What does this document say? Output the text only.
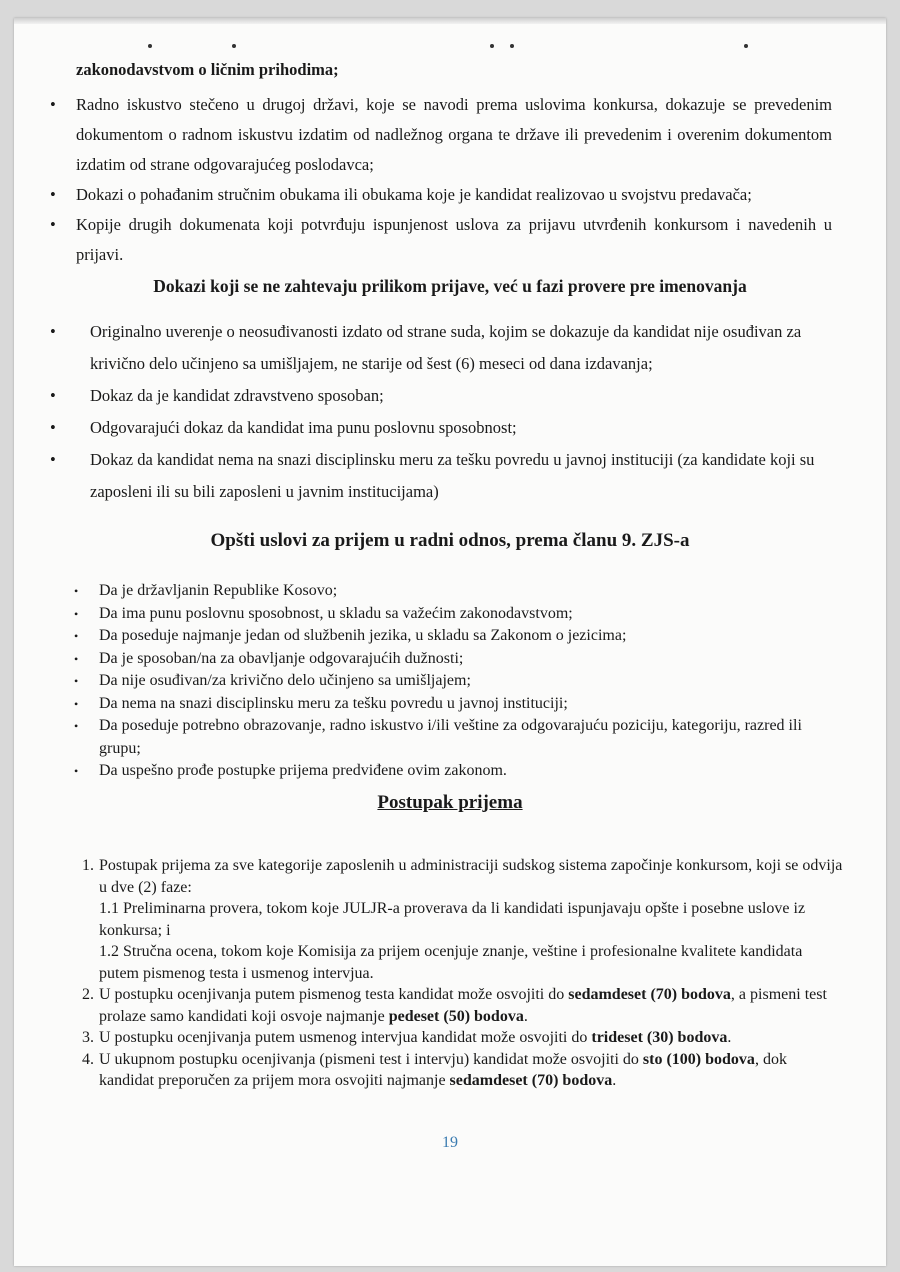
zakonodavstvom o ličnim prihodima;

• Radno iskustvo stečeno u drugoj državi, koje se navodi prema uslovima konkursa, dokazuje se prevedenim dokumentom o radnom iskustvu izdatim od nadležnog organa te države ili prevedenim i overenim dokumentom izdatim od strane odgovarajućeg poslodavca;
• Dokazi o pohađanim stručnim obukama ili obukama koje je kandidat realizovao u svojstvu predavača;
• Kopije drugih dokumenata koji potvrđuju ispunjenost uslova za prijavu utvrđenih konkursom i navedenih u prijavi.

Dokazi koji se ne zahtevaju prilikom prijave, već u fazi provere pre imenovanja

• Originalno uverenje o neosuđivanosti izdato od strane suda, kojim se dokazuje da kandidat nije osuđivan za krivično delo učinjeno sa umišljajem, ne starije od šest (6) meseci od dana izdavanja;
• Dokaz da je kandidat zdravstveno sposoban;
• Odgovarajući dokaz da kandidat ima punu poslovnu sposobnost;
• Dokaz da kandidat nema na snazi disciplinsku meru za tešku povredu u javnoj instituciji (za kandidate koji su zaposleni ili su bili zaposleni u javnim institucijama)

Opšti uslovi za prijem u radni odnos, prema članu 9. ZJS-a

• Da je državljanin Republike Kosovo;
• Da ima punu poslovnu sposobnost, u skladu sa važećim zakonodavstvom;
• Da poseduje najmanje jedan od službenih jezika, u skladu sa Zakonom o jezicima;
• Da je sposoban/na za obavljanje odgovarajućih dužnosti;
• Da nije osuđivan/za krivično delo učinjeno sa umišljajem;
• Da nema na snazi disciplinsku meru za tešku povredu u javnoj instituciji;
• Da poseduje potrebno obrazovanje, radno iskustvo i/ili veštine za odgovarajuću poziciju, kategoriju, razred ili grupu;
• Da uspešno prođe postupke prijema predviđene ovim zakonom.

Postupak prijema

1. Postupak prijema za sve kategorije zaposlenih u administraciji sudskog sistema započinje konkursom, koji se odvija u dve (2) faze:
1.1 Preliminarna provera, tokom koje JULJR-a proverava da li kandidati ispunjavaju opšte i posebne uslove iz konkursa; i
1.2 Stručna ocena, tokom koje Komisija za prijem ocenjuje znanje, veštine i profesionalne kvalitete kandidata putem pismenog testa i usmenog intervjua.
2. U postupku ocenjivanja putem pismenog testa kandidat može osvojiti do sedamdeset (70) bodova, a pismeni test prolaze samo kandidati koji osvoje najmanje pedeset (50) bodova.
3. U postupku ocenjivanja putem usmenog intervjua kandidat može osvojiti do trideset (30) bodova.
4. U ukupnom postupku ocenjivanja (pismeni test i intervju) kandidat može osvojiti do sto (100) bodova, dok kandidat preporučen za prijem mora osvojiti najmanje sedamdeset (70) bodova.

19
